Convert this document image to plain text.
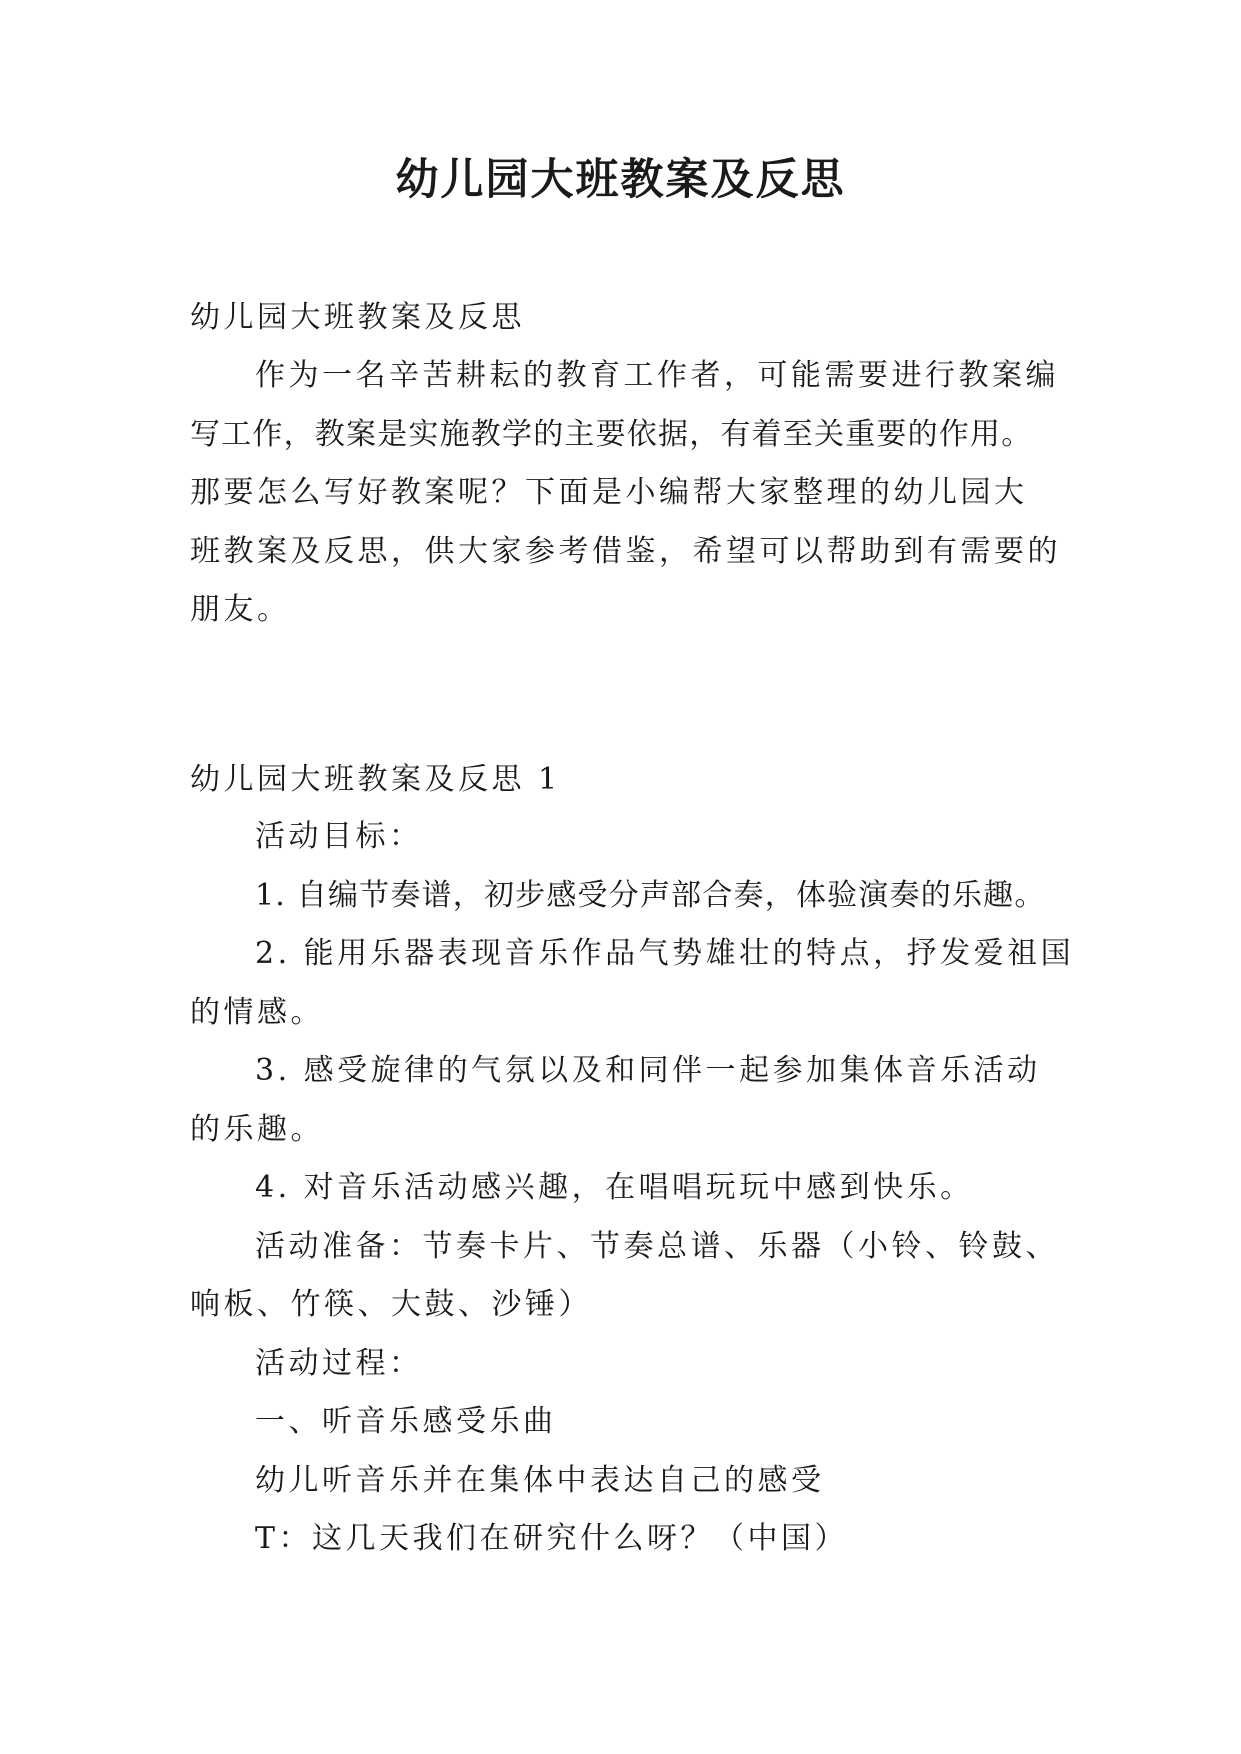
幼儿园大班教案及反思
幼儿园大班教案及反思
作为一名辛苦耕耘的教育工作者，可能需要进行教案编
写工作，教案是实施教学的主要依据，有着至关重要的作用。
那要怎么写好教案呢？下面是小编帮大家整理的幼儿园大
班教案及反思，供大家参考借鉴，希望可以帮助到有需要的
朋友。
幼儿园大班教案及反思 1
活动目标：
1. 自编节奏谱，初步感受分声部合奏，体验演奏的乐趣。
2. 能用乐器表现音乐作品气势雄壮的特点，抒发爱祖国
的情感。
3. 感受旋律的气氛以及和同伴一起参加集体音乐活动
的乐趣。
4. 对音乐活动感兴趣，在唱唱玩玩中感到快乐。
活动准备：节奏卡片、节奏总谱、乐器（小铃、铃鼓、
响板、竹筷、大鼓、沙锤）
活动过程：
一、听音乐感受乐曲
幼儿听音乐并在集体中表达自己的感受
T：这几天我们在研究什么呀？（中国）
